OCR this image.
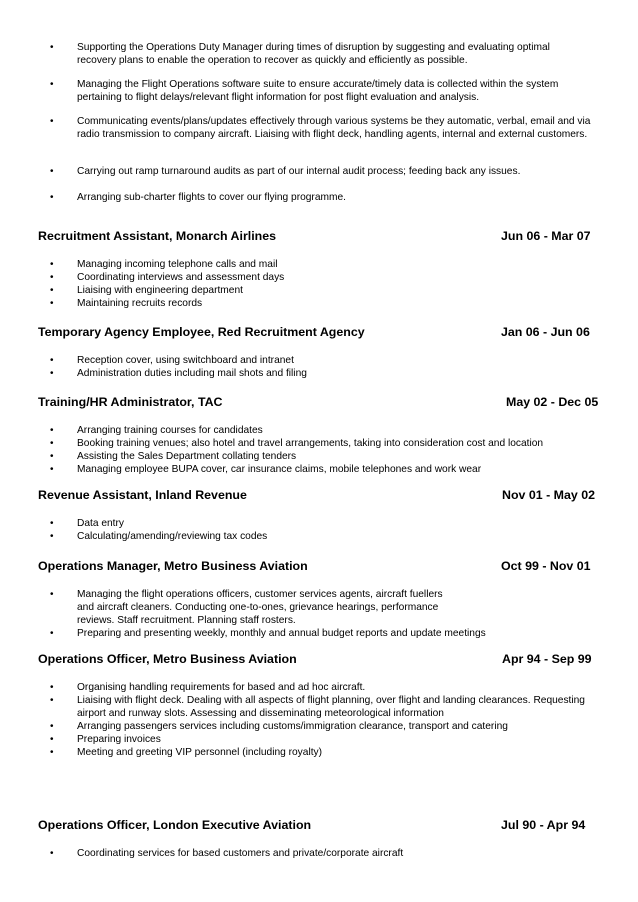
•	Supporting the Operations Duty Manager during times of disruption by suggesting and evaluating optimal recovery plans to enable the operation to recover as quickly and efficiently as possible.
•	Managing the Flight Operations software suite to ensure accurate/timely data is collected within the system pertaining to flight delays/relevant flight information for post flight evaluation and analysis.
•	Communicating events/plans/updates effectively through various systems be they automatic, verbal, email and via radio transmission to company aircraft. Liaising with flight deck, handling agents, internal and external customers.
•	Carrying out ramp turnaround audits as part of our internal audit process; feeding back any issues.
•	Arranging sub-charter flights to cover our flying programme.
Recruitment Assistant, Monarch Airlines	Jun 06 - Mar 07
•	Managing incoming telephone calls and mail
•	Coordinating interviews and assessment days
•	Liaising with engineering department
•	Maintaining recruits records
Temporary Agency Employee, Red Recruitment Agency	Jan 06 - Jun 06
•	Reception cover, using switchboard and intranet
•	Administration duties including mail shots and filing
Training/HR Administrator, TAC	May 02 - Dec 05
•	Arranging training courses for candidates
•	Booking training venues; also hotel and travel arrangements, taking into consideration cost and location
•	Assisting the Sales Department collating tenders
•	Managing employee BUPA cover, car insurance claims, mobile telephones and work wear
Revenue Assistant, Inland Revenue	Nov 01 - May 02
•	Data entry
•	Calculating/amending/reviewing tax codes
Operations Manager, Metro Business Aviation	Oct 99 - Nov 01
•	Managing the flight operations officers, customer services agents, aircraft fuellers and aircraft cleaners. Conducting one-to-ones, grievance hearings, performance reviews. Staff recruitment. Planning staff rosters.
•	Preparing and presenting weekly, monthly and annual budget reports and update meetings
Operations Officer, Metro Business Aviation	Apr 94 - Sep 99
•	Organising handling requirements for based and ad hoc aircraft.
•	Liaising with flight deck. Dealing with all aspects of flight planning, over flight and landing clearances. Requesting airport and runway slots. Assessing and disseminating meteorological information
•	Arranging passengers services including customs/immigration clearance, transport and catering
•	Preparing invoices
•	Meeting and greeting VIP personnel (including royalty)
Operations Officer, London Executive Aviation	Jul 90 - Apr 94
•	Coordinating services for based customers and private/corporate aircraft
